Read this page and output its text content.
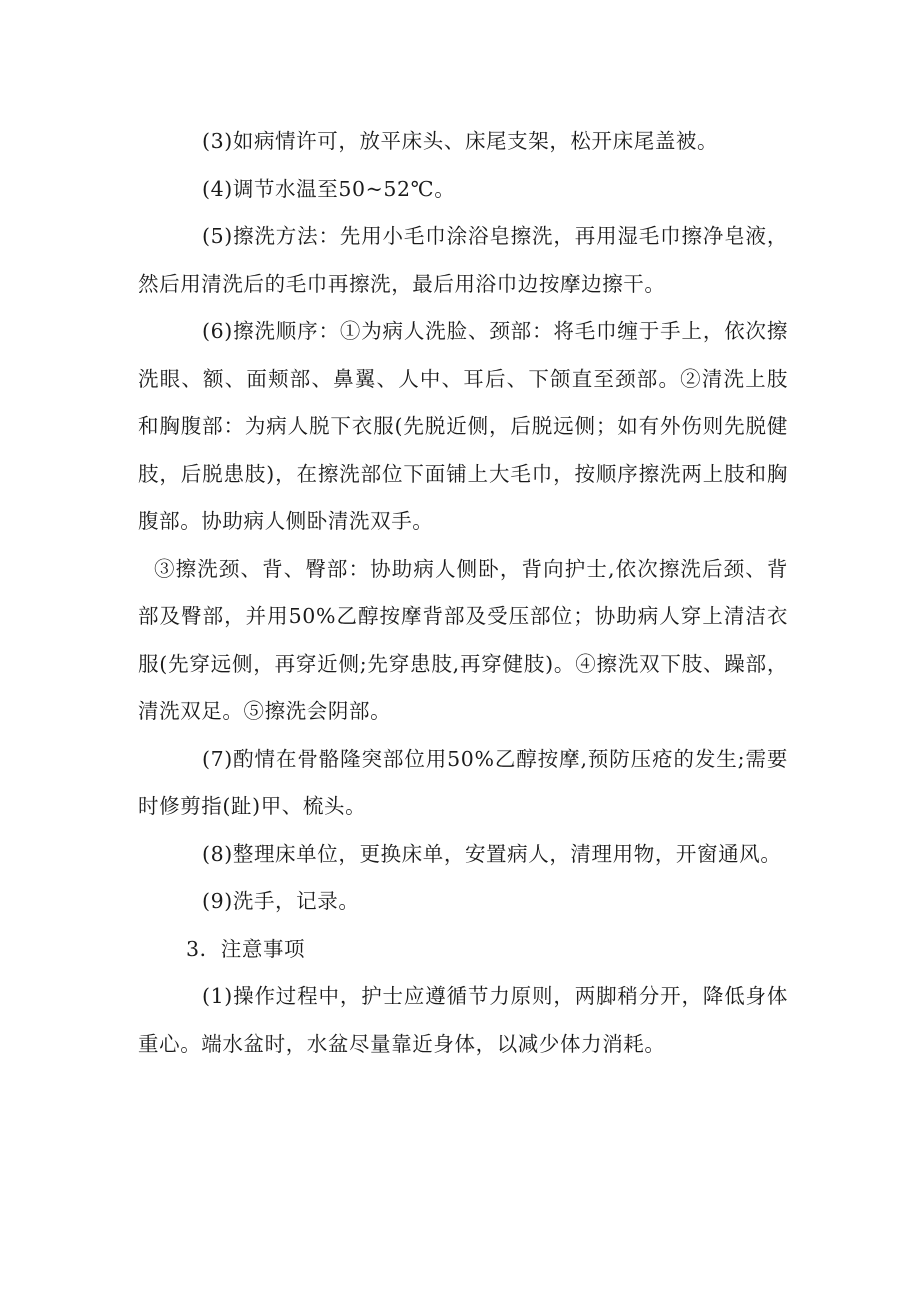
(3)如病情许可，放平床头、床尾支架，松开床尾盖被。

(4)调节水温至50~52℃。

(5)擦洗方法：先用小毛巾涂浴皂擦洗，再用湿毛巾擦净皂液，然后用清洗后的毛巾再擦洗，最后用浴巾边按摩边擦干。

(6)擦洗顺序：①为病人洗脸、颈部：将毛巾缠于手上，依次擦洗眼、额、面颊部、鼻翼、人中、耳后、下颌直至颈部。②清洗上肢和胸腹部：为病人脱下衣服(先脱近侧，后脱远侧；如有外伤则先脱健肢，后脱患肢)，在擦洗部位下面铺上大毛巾，按顺序擦洗两上肢和胸腹部。协助病人侧卧清洗双手。

③擦洗颈、背、臀部：协助病人侧卧，背向护士,依次擦洗后颈、背部及臀部，并用50%乙醇按摩背部及受压部位；协助病人穿上清洁衣服(先穿远侧，再穿近侧;先穿患肢,再穿健肢)。④擦洗双下肢、躁部，清洗双足。⑤擦洗会阴部。

(7)酌情在骨骼隆突部位用50%乙醇按摩,预防压疮的发生;需要时修剪指(趾)甲、梳头。

(8)整理床单位，更换床单，安置病人，清理用物，开窗通风。

(9)洗手，记录。

3．注意事项

(1)操作过程中，护士应遵循节力原则，两脚稍分开，降低身体重心。端水盆时，水盆尽量靠近身体，以减少体力消耗。
